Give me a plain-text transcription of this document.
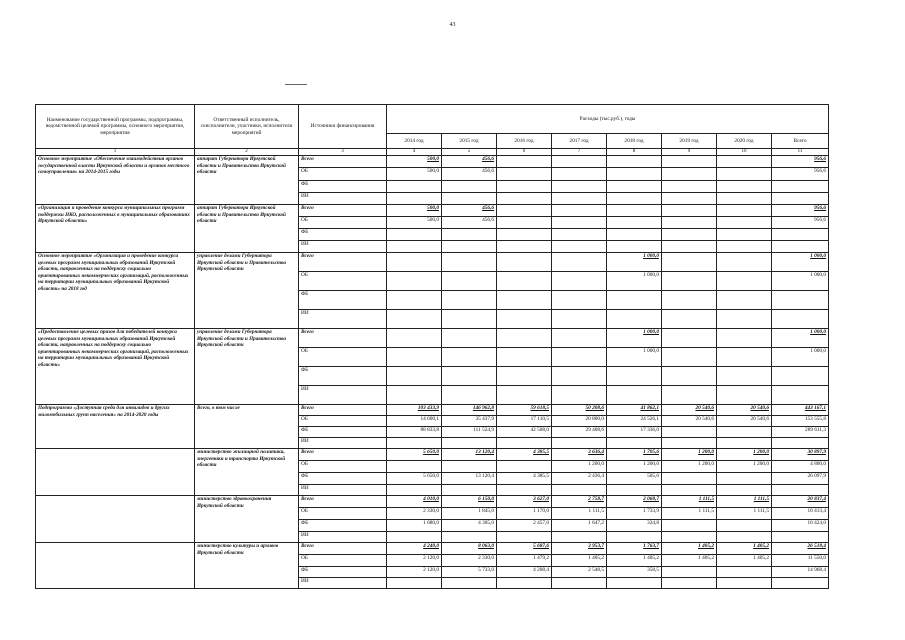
43
Наименование государственной программы, подпрограммы, ведомственной целевой программы, основного мероприятия, мероприятия	Ответственный исполнитель, соисполнители, участники, исполнители мероприятий	Источники финансирования	Расходы (тыс.руб.), годы							
			2014 год	2015 год	2016 год	2017 год	2018 год	2019 год	2020 год	Всего
1	2	3	4	5	6	7	8	9	10	11
Основное мероприятие «Обеспечение взаимодействия органов государственной власти Иркутской области и органов местного самоуправления» на 2014-2015 годы	аппарат Губернатора Иркутской области и Правительства Иркутской области	Всего	500,0	456,6						956,6
		ОБ	500,0	456,6						956,6
		ФБ								
		ИИ								
«Организация и проведение конкурса муниципальных программ поддержки НКО, расположенных в муниципальных образованиях Иркутской области»	аппарат Губернатора Иркутской области и Правительства Иркутской области	Всего	500,0	456,6						956,6
		ОБ	500,0	456,6						956,6
		ФБ								
		ИИ								
Основное мероприятие «Организация и проведение конкурса целевых программ муниципальных образований Иркутской области, направленных на поддержку социально ориентированных некоммерческих организаций, расположенных на территории муниципальных образований Иркутской области» на 2018 год	управление делами Губернатора Иркутской области и Правительства Иркутской области	Всего					1 000,0			1 000,0
		ОБ					1 000,0			1 000,0
		ФБ								
		ИИ								
«Предоставление целевых призов для победителей конкурса целевых программ муниципальных образований Иркутской области, направленных на поддержку социально ориентированных некоммерческих организаций, расположенных на территории муниципальных образований Иркутской области»	управление делами Губернатора Иркутской области и Правительства Иркутской области	Всего					1 000,0			1 000,0
		ОБ					1 000,0			1 000,0
		ФБ								
		ИИ								
Подпрограмма «Доступная среда для инвалидов и других маломобильных групп населения» на 2014-2020 годы	Всего, в том числе	Всего	103 433,9	146 962,8	59 618,5	50 208,6	41 862,1	20 540,6	20 540,6	443 167,1
		ОБ	14 600,1	35 437,9	17 110,5	20 800,0	24 526,1	20 540,6	20 540,6	153 555,8
		ФБ	88 833,8	111 524,9	42 508,0	29 408,6	17 336,0			289 611,3
		ИИ								
	министерство жилищной политики, энергетики и транспорта Иркутской области	Всего	5 650,0	13 120,4	4 385,5	3 636,4	1 705,6	1 200,0	1 200,0	30 897,9
		ОБ				1 200,0	1 200,0	1 200,0	1 200,0	4 800,0
		ФБ	5 650,0	13 120,4	4 385,5	2 436,4	505,6			26 097,9
		ИИ								
	министерство здравоохранения Иркутской области	Всего	4 010,0	6 150,0	3 627,0	2 758,7	2 068,7	1 111,5	1 111,5	20 837,4
		ОБ	2 330,0	1 845,0	1 170,0	1 111,5	1 733,9	1 111,5	1 111,5	10 413,4
		ФБ	1 680,0	4 305,0	2 457,0	1 647,2	334,8			10 424,0
		ИИ								
	министерство культуры и архивов Иркутской области	Всего	4 240,0	8 063,0	5 687,6	3 953,7	1 763,7	1 405,2	1 405,2	26 518,4
		ОБ	2 120,0	2 330,0	1 479,2	1 405,2	1 405,2	1 405,2	1 405,2	11 550,0
		ФБ	2 120,0	5 733,0	4 208,4	2 548,5	358,5			14 968,4
		ИИ								
